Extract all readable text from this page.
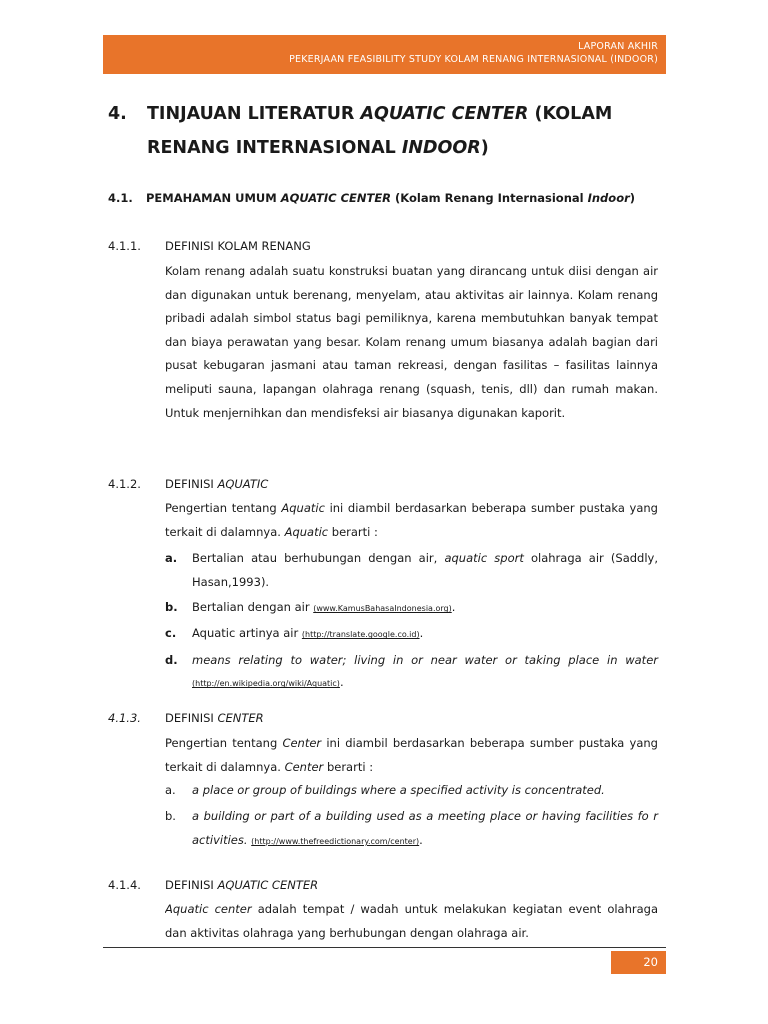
LAPORAN AKHIR
PEKERJAAN FEASIBILITY STUDY KOLAM RENANG INTERNASIONAL (INDOOR)
4. TINJAUAN LITERATUR AQUATIC CENTER (KOLAM RENANG INTERNASIONAL INDOOR)
4.1. PEMAHAMAN UMUM AQUATIC CENTER (Kolam Renang Internasional Indoor)
4.1.1. DEFINISI KOLAM RENANG
Kolam renang adalah suatu konstruksi buatan yang dirancang untuk diisi dengan air dan digunakan untuk berenang, menyelam, atau aktivitas air lainnya. Kolam renang pribadi adalah simbol status bagi pemiliknya, karena membutuhkan banyak tempat dan biaya perawatan yang besar. Kolam renang umum biasanya adalah bagian dari pusat kebugaran jasmani atau taman rekreasi, dengan fasilitas – fasilitas lainnya meliputi sauna, lapangan olahraga renang (squash, tenis, dll) dan rumah makan. Untuk menjernihkan dan mendisfeksi air biasanya digunakan kaporit.
4.1.2. DEFINISI AQUATIC
Pengertian tentang Aquatic ini diambil berdasarkan beberapa sumber pustaka yang terkait di dalamnya. Aquatic berarti :
a. Bertalian atau berhubungan dengan air, aquatic sport olahraga air (Saddly, Hasan,1993).
b. Bertalian dengan air (www.KamusBahasaIndonesia.org).
c. Aquatic artinya air (http://translate.google.co.id).
d. means relating to water; living in or near water or taking place in water (http://en.wikipedia.org/wiki/Aquatic).
4.1.3. DEFINISI CENTER
Pengertian tentang Center ini diambil berdasarkan beberapa sumber pustaka yang terkait di dalamnya. Center berarti :
a. a place or group of buildings where a specified activity is concentrated.
b. a building or part of a building used as a meeting place or having facilities fo r activities. (http://www.thefreedictionary.com/center).
4.1.4. DEFINISI AQUATIC CENTER
Aquatic center adalah tempat / wadah untuk melakukan kegiatan event olahraga dan aktivitas olahraga yang berhubungan dengan olahraga air.
20
